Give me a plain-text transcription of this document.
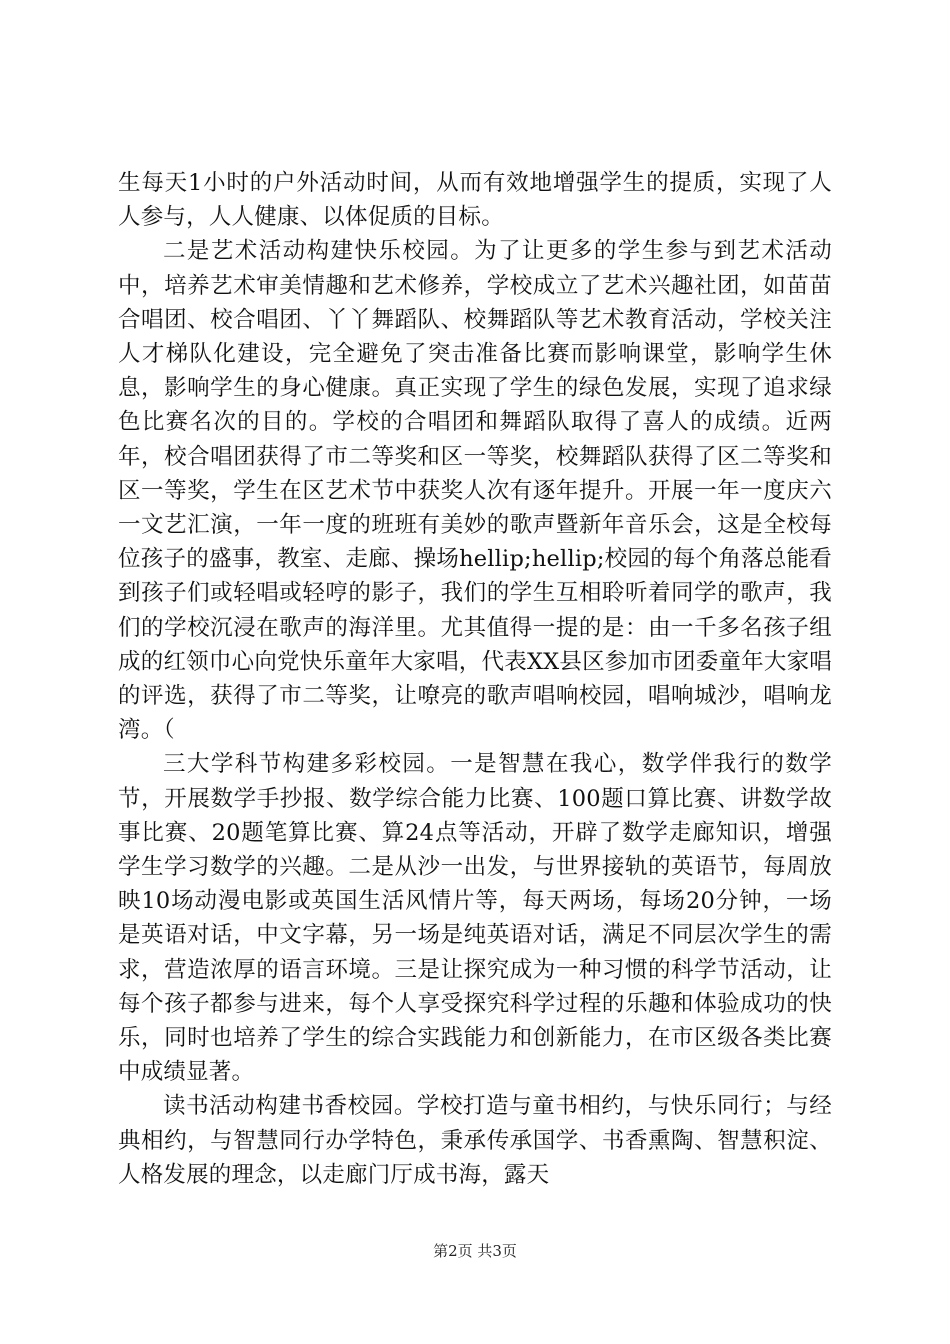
生每天1小时的户外活动时间，从而有效地增强学生的提质，实现了人人参与，人人健康、以体促质的目标。

二是艺术活动构建快乐校园。为了让更多的学生参与到艺术活动中，培养艺术审美情趣和艺术修养，学校成立了艺术兴趣社团，如苗苗合唱团、校合唱团、丫丫舞蹈队、校舞蹈队等艺术教育活动，学校关注人才梯队化建设，完全避免了突击准备比赛而影响课堂，影响学生休息，影响学生的身心健康。真正实现了学生的绿色发展，实现了追求绿色比赛名次的目的。学校的合唱团和舞蹈队取得了喜人的成绩。近两年，校合唱团获得了市二等奖和区一等奖，校舞蹈队获得了区二等奖和区一等奖，学生在区艺术节中获奖人次有逐年提升。开展一年一度庆六一文艺汇演，一年一度的班班有美妙的歌声暨新年音乐会，这是全校每位孩子的盛事，教室、走廊、操场hellip;hellip;校园的每个角落总能看到孩子们或轻唱或轻哼的影子，我们的学生互相聆听着同学的歌声，我们的学校沉浸在歌声的海洋里。尤其值得一提的是：由一千多名孩子组成的红领巾心向党快乐童年大家唱，代表XX县区参加市团委童年大家唱的评选，获得了市二等奖，让嘹亮的歌声唱响校园，唱响城沙，唱响龙湾。（

三大学科节构建多彩校园。一是智慧在我心，数学伴我行的数学节，开展数学手抄报、数学综合能力比赛、100题口算比赛、讲数学故事比赛、20题笔算比赛、算24点等活动，开辟了数学走廊知识，增强学生学习数学的兴趣。二是从沙一出发，与世界接轨的英语节，每周放映10场动漫电影或英国生活风情片等，每天两场，每场20分钟，一场是英语对话，中文字幕，另一场是纯英语对话，满足不同层次学生的需求，营造浓厚的语言环境。三是让探究成为一种习惯的科学节活动，让每个孩子都参与进来，每个人享受探究科学过程的乐趣和体验成功的快乐，同时也培养了学生的综合实践能力和创新能力，在市区级各类比赛中成绩显著。

读书活动构建书香校园。学校打造与童书相约，与快乐同行；与经典相约，与智慧同行办学特色，秉承传承国学、书香熏陶、智慧积淀、人格发展的理念，以走廊门厅成书海，露天

第2页 共3页
